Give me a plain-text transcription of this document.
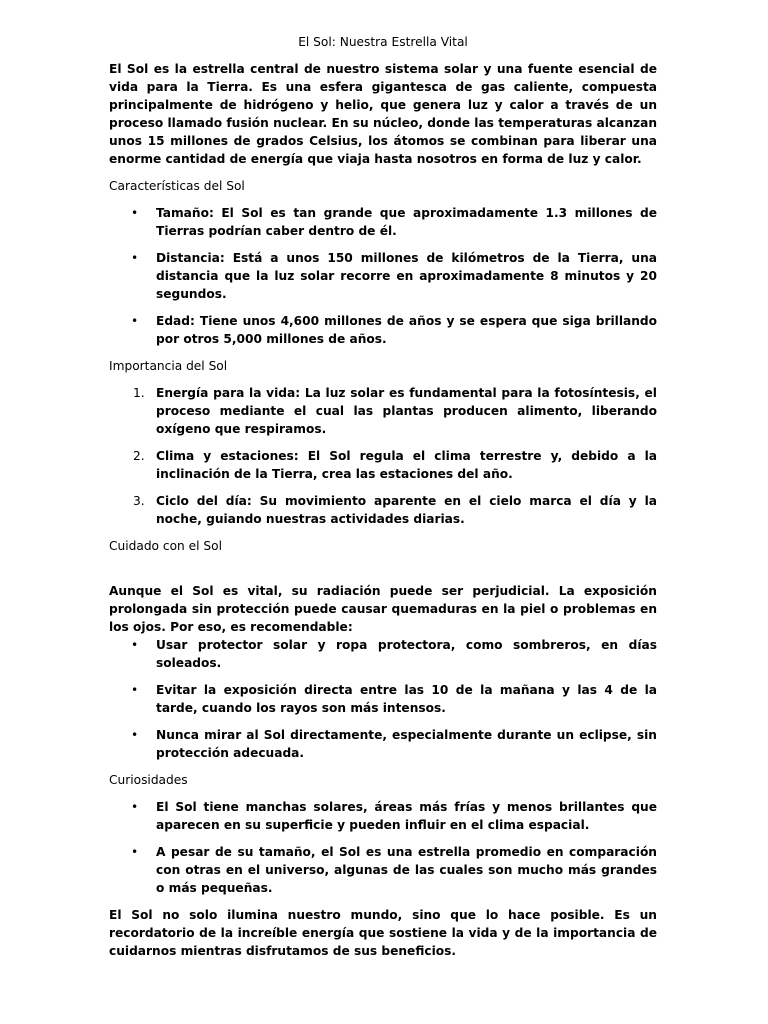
El Sol: Nuestra Estrella Vital

El Sol es la estrella central de nuestro sistema solar y una fuente esencial de vida para la Tierra. Es una esfera gigantesca de gas caliente, compuesta principalmente de hidrógeno y helio, que genera luz y calor a través de un proceso llamado fusión nuclear. En su núcleo, donde las temperaturas alcanzan unos 15 millones de grados Celsius, los átomos se combinan para liberar una enorme cantidad de energía que viaja hasta nosotros en forma de luz y calor.

Características del Sol
• Tamaño: El Sol es tan grande que aproximadamente 1.3 millones de Tierras podrían caber dentro de él.
• Distancia: Está a unos 150 millones de kilómetros de la Tierra, una distancia que la luz solar recorre en aproximadamente 8 minutos y 20 segundos.
• Edad: Tiene unos 4,600 millones de años y se espera que siga brillando por otros 5,000 millones de años.
Importancia del Sol
1. Energía para la vida: La luz solar es fundamental para la fotosíntesis, el proceso mediante el cual las plantas producen alimento, liberando oxígeno que respiramos.
2. Clima y estaciones: El Sol regula el clima terrestre y, debido a la inclinación de la Tierra, crea las estaciones del año.
3. Ciclo del día: Su movimiento aparente en el cielo marca el día y la noche, guiando nuestras actividades diarias.
Cuidado con el Sol

Aunque el Sol es vital, su radiación puede ser perjudicial. La exposición prolongada sin protección puede causar quemaduras en la piel o problemas en los ojos. Por eso, es recomendable:

• Usar protector solar y ropa protectora, como sombreros, en días soleados.
• Evitar la exposición directa entre las 10 de la mañana y las 4 de la tarde, cuando los rayos son más intensos.
• Nunca mirar al Sol directamente, especialmente durante un eclipse, sin protección adecuada.
Curiosidades
• El Sol tiene manchas solares, áreas más frías y menos brillantes que aparecen en su superficie y pueden influir en el clima espacial.
• A pesar de su tamaño, el Sol es una estrella promedio en comparación con otras en el universo, algunas de las cuales son mucho más grandes o más pequeñas.

El Sol no solo ilumina nuestro mundo, sino que lo hace posible. Es un recordatorio de la increíble energía que sostiene la vida y de la importancia de cuidarnos mientras disfrutamos de sus beneficios.
